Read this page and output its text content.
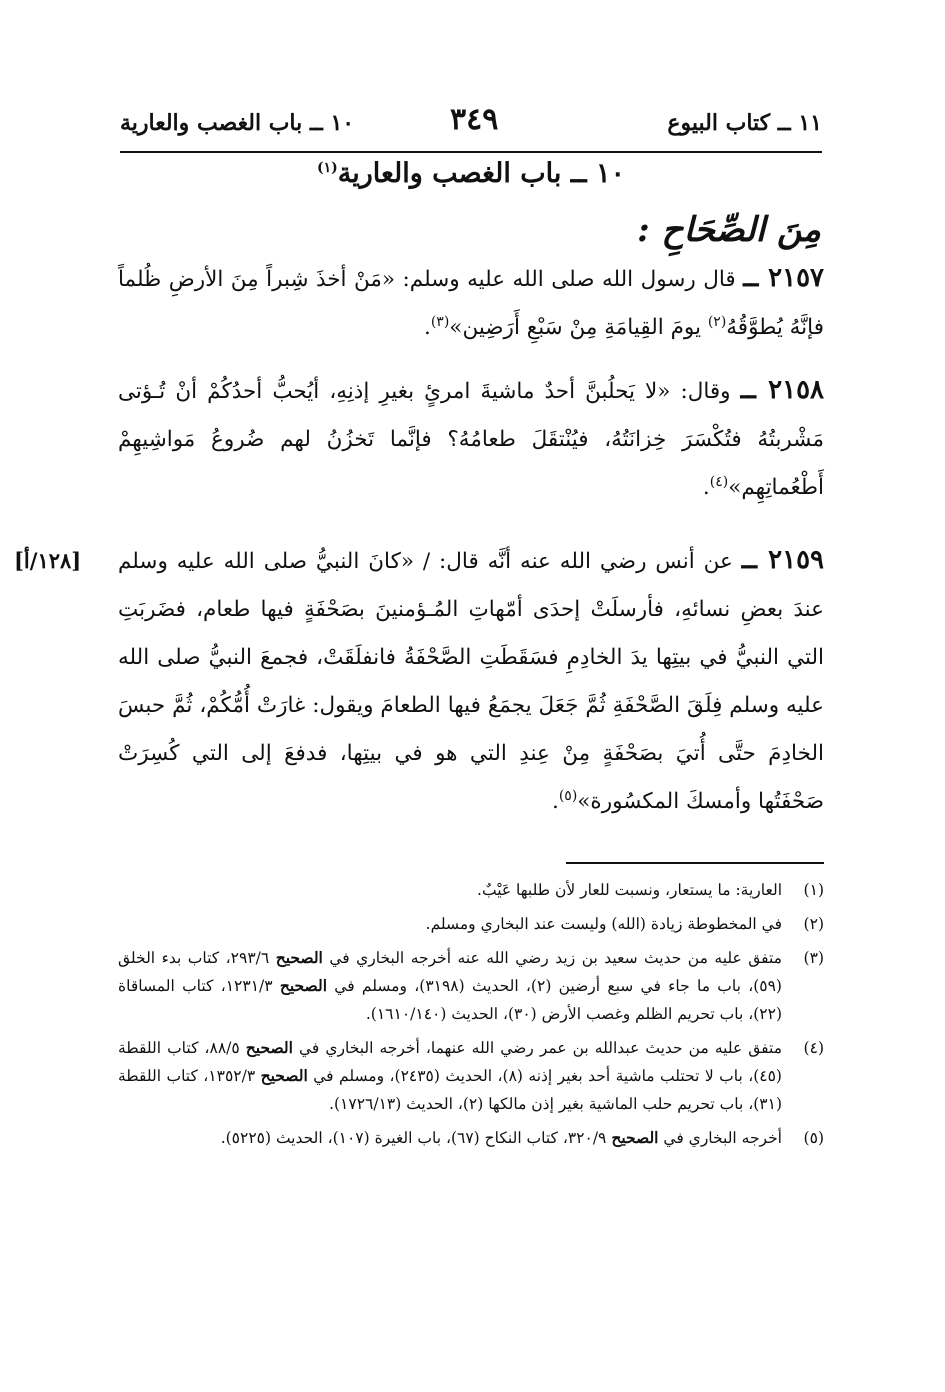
١١ ــ كتاب البيوع
٣٤٩
١٠ ــ باب الغصب والعارية
١٠ ــ باب الغصب والعارية$^{(١)}$
مِنَ الصِّحَاحِ :
٢١٥٧ ــ قال رسول الله صلى الله عليه وسلم: «مَنْ أخذَ شِبراً مِنَ الأرضِ ظُلماً فإنَّهُ يُطوَّقُهُ$^{(٢)}$ يومَ القِيامَةِ مِنْ سَبْعِ أَرَضِين»$^{(٣)}$.
٢١٥٨ ــ وقال: «لا يَحلُبنَّ أحدٌ ماشيةَ امرئٍ بغيرِ إذنِهِ، أيُحبُّ أحدُكُمْ أنْ تُـؤتى مَشْربتُهُ فتُكْسَرَ خِزانَتُهُ، فيُنْتقَلَ طعامُهُ؟ فإنَّما تَخزُنُ لهم ضُروعُ مَواشِيهِمْ أَطْعُماتِهِم»$^{(٤)}$.
[١٢٨/أ]	٢١٥٩ ــ عن أنس رضي الله عنه أنَّه قال: / «كانَ النبيُّ صلى الله عليه وسلم عندَ بعضِ نسائهِ، فأرسلَتْ إحدَى أمّهاتِ المُـؤمنينَ بصَحْفَةٍ فيها طعام، فضَربَتِ التي النبيُّ في بيتِها يدَ الخادِمِ فسَقَطَتِ الصَّحْفَةُ فانفلَقَتْ، فجمعَ النبيُّ صلى الله عليه وسلم فِلَقَ الصَّحْفَةِ ثُمَّ جَعَلَ يجمَعُ فيها الطعامَ ويقول: غارَتْ أُمُّكُمْ، ثُمَّ حبسَ الخادِمَ حتَّى أُتيَ بصَحْفَةٍ مِنْ عِندِ التي هو في بيتِها، فدفعَ إلى التي كُسِرَتْ صَحْفَتُها وأمسكَ المكسُورة»$^{(٥)}$.
(١)
العارية: ما يستعار، ونسبت للعار لأن طلبها عَيْبٌ.
(٢)
في المخطوطة زيادة (الله) وليست عند البخاري ومسلم.
(٣)
متفق عليه من حديث سعيد بن زيد رضي الله عنه أخرجه البخاري في الصحيح ٢٩٣/٦، كتاب بدء الخلق (٥٩)، باب ما جاء في سبع أرضين (٢)، الحديث (٣١٩٨)، ومسلم في الصحيح ١٢٣١/٣، كتاب المساقاة (٢٢)، باب تحريم الظلم وغصب الأرض (٣٠)، الحديث (١٦١٠/١٤٠).
(٤)
متفق عليه من حديث عبدالله بن عمر رضي الله عنهما، أخرجه البخاري في الصحيح ٨٨/٥، كتاب اللقطة (٤٥)، باب لا تحتلب ماشية أحد بغير إذنه (٨)، الحديث (٢٤٣٥)، ومسلم في الصحيح ١٣٥٢/٣، كتاب اللقطة (٣١)، باب تحريم حلب الماشية بغير إذن مالكها (٢)، الحديث (١٧٢٦/١٣).
(٥)
أخرجه البخاري في الصحيح ٣٢٠/٩، كتاب النكاح (٦٧)، باب الغيرة (١٠٧)، الحديث (٥٢٢٥).
